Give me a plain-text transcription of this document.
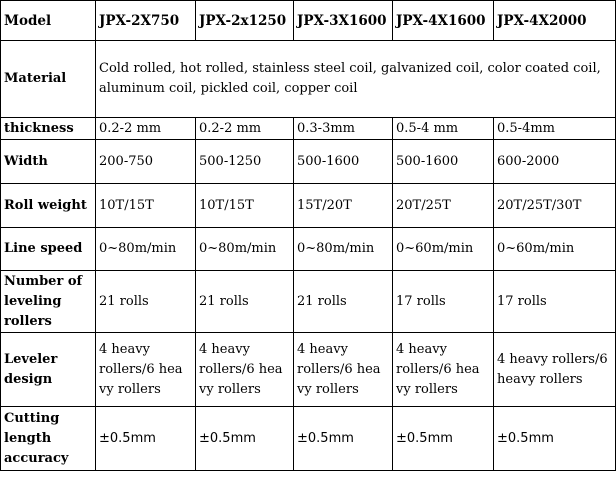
Model	JPX-2X750	JPX-2x1250	JPX-3X1600	JPX-4X1600	JPX-4X2000
Material	Cold rolled, hot rolled, stainless steel coil, galvanized coil, color coated coil, aluminum coil, pickled coil, copper coil				
thickness	0.2-2 mm	0.2-2 mm	0.3-3mm	0.5-4 mm	0.5-4mm
Width	200-750	500-1250	500-1600	500-1600	600-2000
Roll weight	10T/15T	10T/15T	15T/20T	20T/25T	20T/25T/30T
Line speed	0~80m/min	0~80m/min	0~80m/min	0~60m/min	0~60m/min
Number of leveling rollers	21 rolls	21 rolls	21 rolls	17 rolls	17 rolls
Leveler design	4 heavy rollers/6 hea vy rollers	4 heavy rollers/6 hea vy rollers	4 heavy rollers/6 hea vy rollers	4 heavy rollers/6 hea vy rollers	4 heavy rollers/6 heavy rollers
Cutting length accuracy	±0.5mm	±0.5mm	±0.5mm	±0.5mm	±0.5mm
